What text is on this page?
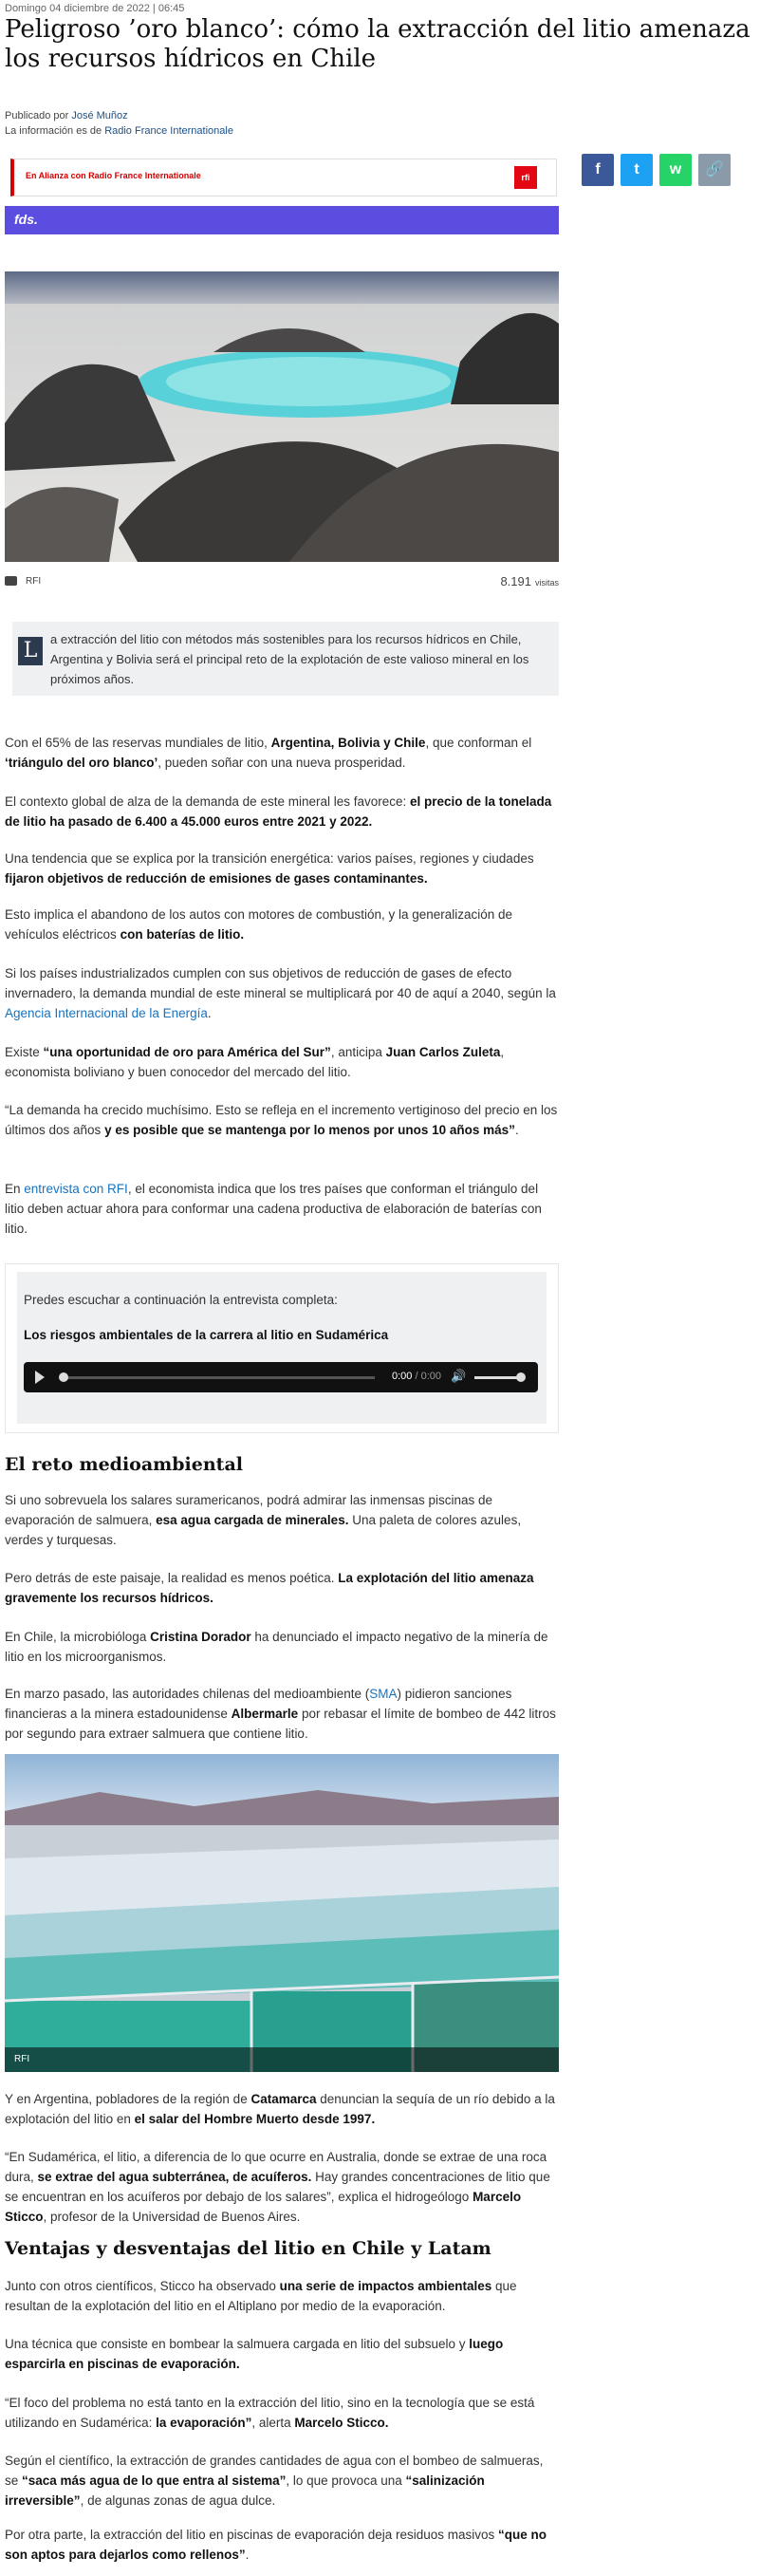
Domingo 04 diciembre de 2022 | 06:45
Peligroso ’oro blanco’: cómo la extracción del litio amenaza los recursos hídricos en Chile
Publicado por José Muñoz
La información es de Radio France Internationale
En Alianza con Radio France Internationale	rfi	f	t	w	🔗
fds.
RFI	8.191 visitas
L	a extracción del litio con métodos más sostenibles para los recursos hídricos en Chile, Argentina y Bolivia será el principal reto de la explotación de este valioso mineral en los próximos años.

Con el 65% de las reservas mundiales de litio, Argentina, Bolivia y Chile, que conforman el ‘triángulo del oro blanco’, pueden soñar con una nueva prosperidad.

El contexto global de alza de la demanda de este mineral les favorece: el precio de la tonelada de litio ha pasado de 6.400 a 45.000 euros entre 2021 y 2022.

Una tendencia que se explica por la transición energética: varios países, regiones y ciudades fijaron objetivos de reducción de emisiones de gases contaminantes.

Esto implica el abandono de los autos con motores de combustión, y la generalización de vehículos eléctricos con baterías de litio.

Si los países industrializados cumplen con sus objetivos de reducción de gases de efecto invernadero, la demanda mundial de este mineral se multiplicará por 40 de aquí a 2040, según la Agencia Internacional de la Energía.

Existe “una oportunidad de oro para América del Sur”, anticipa Juan Carlos Zuleta, economista boliviano y buen conocedor del mercado del litio.

“La demanda ha crecido muchísimo. Esto se refleja en el incremento vertiginoso del precio en los últimos dos años y es posible que se mantenga por lo menos por unos 10 años más”.

En entrevista con RFI, el economista indica que los tres países que conforman el triángulo del litio deben actuar ahora para conformar una cadena productiva de elaboración de baterías con litio.

Predes escuchar a continuación la entrevista completa:
Los riesgos ambientales de la carrera al litio en Sudamérica
0:00 / 0:00 🔊
El reto medioambiental

Si uno sobrevuela los salares suramericanos, podrá admirar las inmensas piscinas de evaporación de salmuera, esa agua cargada de minerales. Una paleta de colores azules, verdes y turquesas.

Pero detrás de este paisaje, la realidad es menos poética. La explotación del litio amenaza gravemente los recursos hídricos.

En Chile, la microbióloga Cristina Dorador ha denunciado el impacto negativo de la minería de litio en los microorganismos.

En marzo pasado, las autoridades chilenas del medioambiente (SMA) pidieron sanciones financieras a la minera estadounidense Albermarle por rebasar el límite de bombeo de 442 litros por segundo para extraer salmuera que contiene litio.

RFI

Y en Argentina, pobladores de la región de Catamarca denuncian la sequía de un río debido a la explotación del litio en el salar del Hombre Muerto desde 1997.

“En Sudamérica, el litio, a diferencia de lo que ocurre en Australia, donde se extrae de una roca dura, se extrae del agua subterránea, de acuíferos. Hay grandes concentraciones de litio que se encuentran en los acuíferos por debajo de los salares”, explica el hidrogeólogo Marcelo Sticco, profesor de la Universidad de Buenos Aires.

Ventajas y desventajas del litio en Chile y Latam

Junto con otros científicos, Sticco ha observado una serie de impactos ambientales que resultan de la explotación del litio en el Altiplano por medio de la evaporación.

Una técnica que consiste en bombear la salmuera cargada en litio del subsuelo y luego esparcirla en piscinas de evaporación.

“El foco del problema no está tanto en la extracción del litio, sino en la tecnología que se está utilizando en Sudamérica: la evaporación”, alerta Marcelo Sticco.

Según el científico, la extracción de grandes cantidades de agua con el bombeo de salmueras, se “saca más agua de lo que entra al sistema”, lo que provoca una “salinización irreversible”, de algunas zonas de agua dulce.

Por otra parte, la extracción del litio en piscinas de evaporación deja residuos masivos “que no son aptos para dejarlos como rellenos”.
